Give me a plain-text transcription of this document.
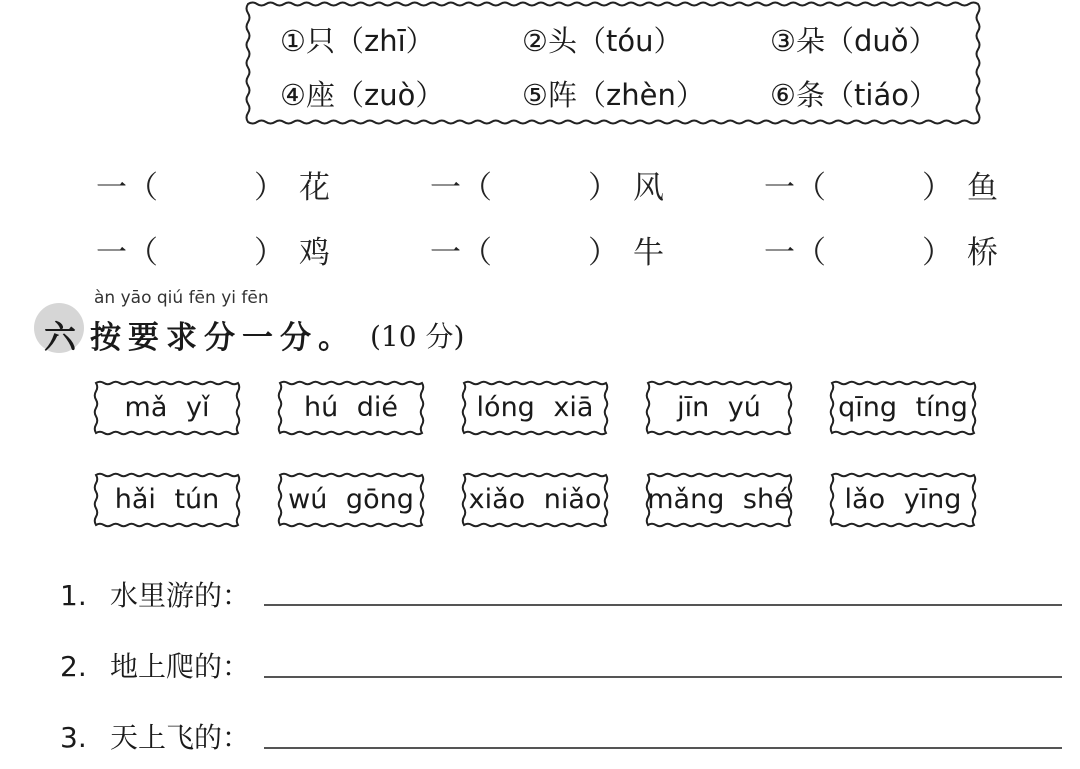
①只（zhī）	②头（tóu）	③朵（duǒ）
④座（zuò）	⑤阵（zhèn） ⑥条（tiáo）
一（	） 花	一（	） 风	一（	） 鱼
一（	） 鸡	一（	） 牛	一（	） 桥
六
àn yāo qiú fēn yi fēn
按要求分一分。 (10 分)
mǎ yǐ	hú dié	lóng xiā	jīn yú	qīng tíng
hǎi tún	wú gōng	xiǎo niǎo	mǎng shé	lǎo yīng
1. 水里游的：
2. 地上爬的：
3. 天上飞的：
